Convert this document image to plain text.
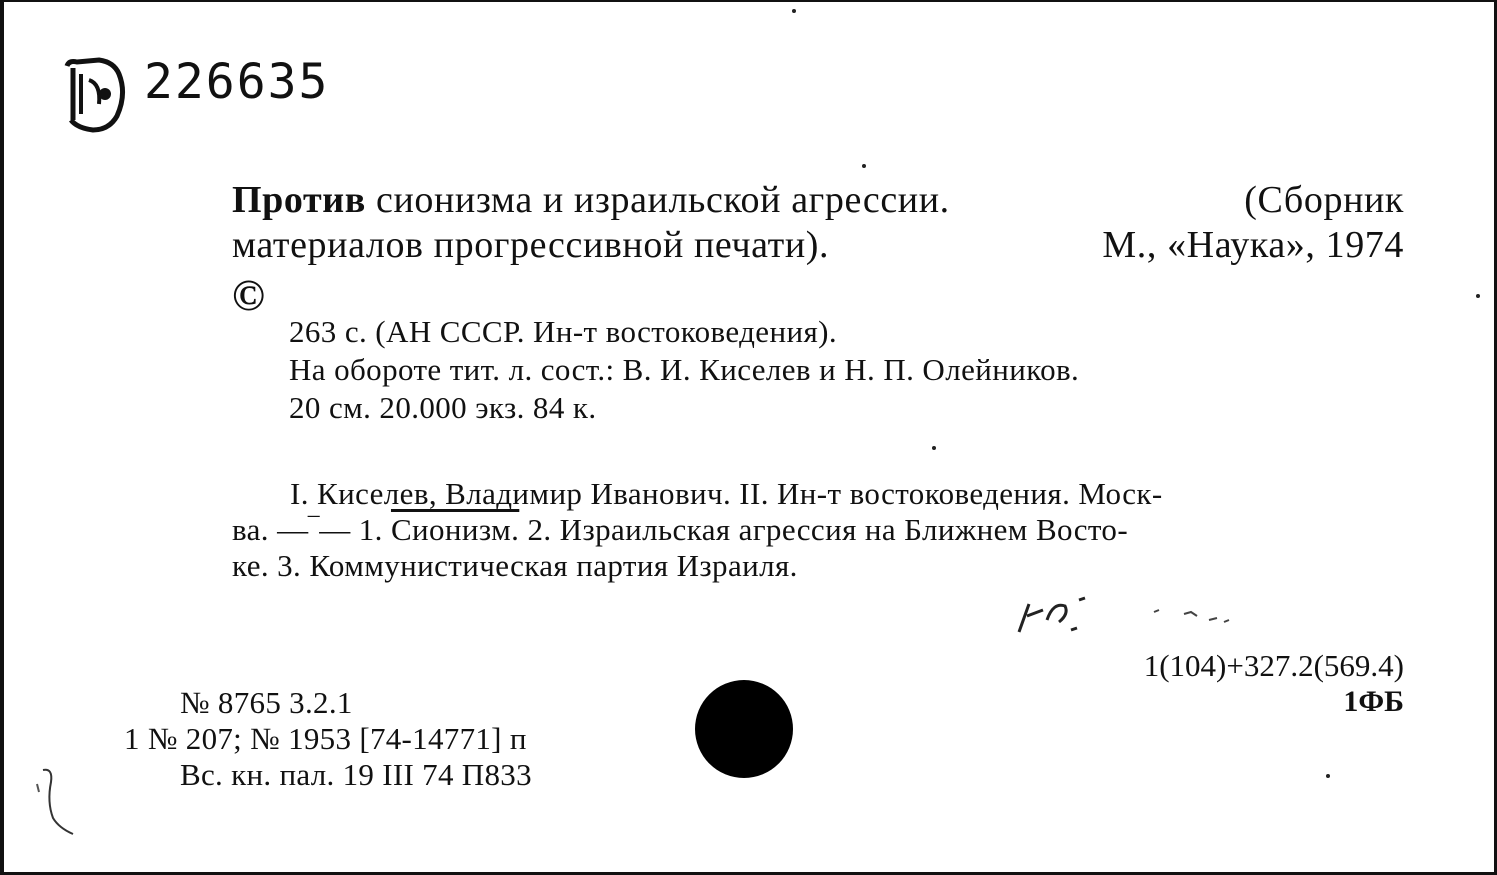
226635
Против сионизма и израильской агрессии.	(Сборник
материалов прогрессивной печати).	М., «Наука», 1974
©
263 с. (АН СССР. Ин-т востоковедения).
На обороте тит. л. сост.: В. И. Киселев и Н. П. Олейников.
20 см. 20.000 экз. 84 к.

I. Киселев, Владимир Иванович. II. Ин-т востоковедения. Моск-

ва. —‾— 1. Сионизм. 2. Израильская агрессия на Ближнем Восто-

ке. 3. Коммунистическая партия Израиля.

1(104)+327.2(569.4)
1ФБ
№ 8765 3.2.1
1 № 207; № 1953 [74-14771] п
Вс. кн. пал. 19 III 74 П833
